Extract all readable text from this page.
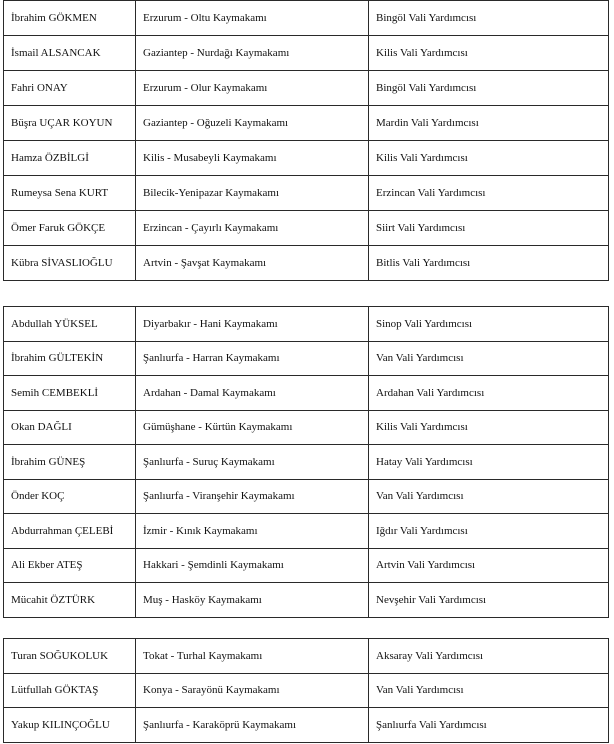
İbrahim GÖKMEN	Erzurum - Oltu Kaymakamı	Bingöl Vali Yardımcısı
İsmail ALSANCAK	Gaziantep - Nurdağı Kaymakamı	Kilis Vali Yardımcısı
Fahri ONAY	Erzurum - Olur Kaymakamı	Bingöl Vali Yardımcısı
Büşra UÇAR KOYUN	Gaziantep - Oğuzeli Kaymakamı	Mardin Vali Yardımcısı
Hamza ÖZBİLGİ	Kilis - Musabeyli Kaymakamı	Kilis Vali Yardımcısı
Rumeysa Sena KURT	Bilecik-Yenipazar Kaymakamı	Erzincan Vali Yardımcısı
Ömer Faruk GÖKÇE	Erzincan - Çayırlı Kaymakamı	Siirt Vali Yardımcısı
Kübra SİVASLIOĞLU	Artvin - Şavşat Kaymakamı	Bitlis Vali Yardımcısı
Abdullah YÜKSEL	Diyarbakır - Hani Kaymakamı	Sinop Vali Yardımcısı
İbrahim GÜLTEKİN	Şanlıurfa - Harran Kaymakamı	Van Vali Yardımcısı
Semih CEMBEKLİ	Ardahan - Damal Kaymakamı	Ardahan Vali Yardımcısı
Okan DAĞLI	Gümüşhane - Kürtün Kaymakamı	Kilis Vali Yardımcısı
İbrahim GÜNEŞ	Şanlıurfa - Suruç Kaymakamı	Hatay Vali Yardımcısı
Önder KOÇ	Şanlıurfa - Viranşehir Kaymakamı	Van Vali Yardımcısı
Abdurrahman ÇELEBİ	İzmir - Kınık Kaymakamı	Iğdır Vali Yardımcısı
Ali Ekber ATEŞ	Hakkari - Şemdinli Kaymakamı	Artvin Vali Yardımcısı
Mücahit ÖZTÜRK	Muş - Hasköy Kaymakamı	Nevşehir Vali Yardımcısı
Turan SOĞUKOLUK	Tokat - Turhal Kaymakamı	Aksaray Vali Yardımcısı
Lütfullah GÖKTAŞ	Konya - Sarayönü Kaymakamı	Van Vali Yardımcısı
Yakup KILINÇOĞLU	Şanlıurfa - Karaköprü Kaymakamı	Şanlıurfa Vali Yardımcısı
